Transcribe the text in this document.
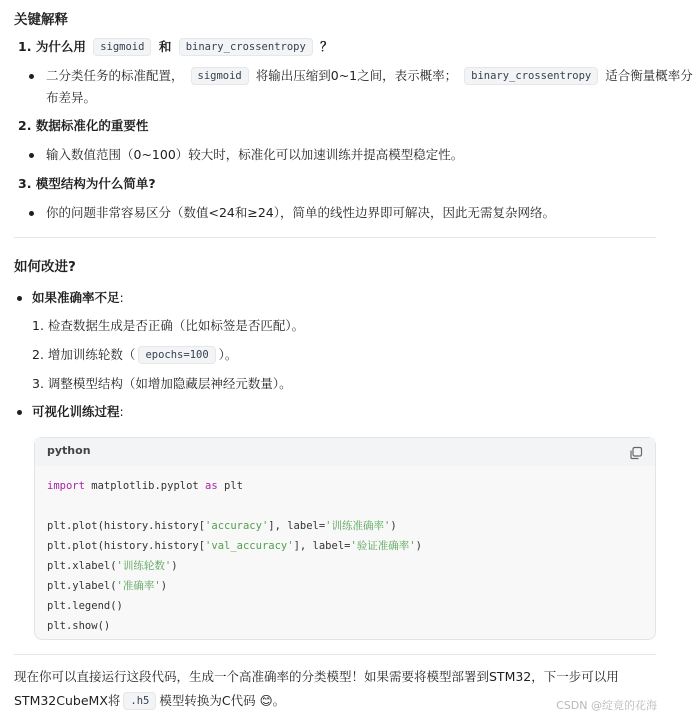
关键解释
1. 为什么用 sigmoid 和 binary_crossentropy ？
二分类任务的标准配置， sigmoid 将输出压缩到0~1之间，表示概率； binary_crossentropy 适合衡量概率分
布差异。
2. 数据标准化的重要性
输入数值范围（0~100）较大时，标准化可以加速训练并提高模型稳定性。
3. 模型结构为什么简单?
你的问题非常容易区分（数值<24和≥24），简单的线性边界即可解决，因此无需复杂网络。
如何改进?
如果准确率不足:
1. 检查数据生成是否正确（比如标签是否匹配）。
2. 增加训练轮数（ epochs=100 ）。
3. 调整模型结构（如增加隐藏层神经元数量）。
可视化训练过程:
python
import matplotlib.pyplot as plt

plt.plot(history.history['accuracy'], label='训练准确率')
plt.plot(history.history['val_accuracy'], label='验证准确率')
plt.xlabel('训练轮数')
plt.ylabel('准确率')
plt.legend()
plt.show()
现在你可以直接运行这段代码，生成一个高准确率的分类模型！如果需要将模型部署到STM32，下一步可以用
STM32CubeMX将 .h5 模型转换为C代码 😊。	CSDN @绽竟的花海
